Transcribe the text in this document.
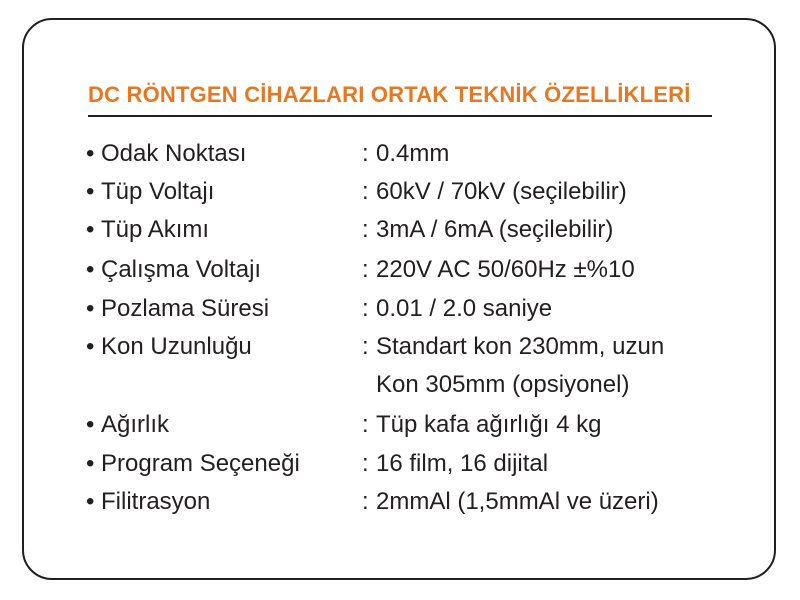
DC RÖNTGEN CİHAZLARI ORTAK TEKNİK ÖZELLİKLERİ
• Odak Noktası	: 0.4mm
• Tüp Voltajı	: 60kV / 70kV (seçilebilir)
• Tüp Akımı	: 3mA / 6mA (seçilebilir)
• Çalışma Voltajı	: 220V AC 50/60Hz ±%10
• Pozlama Süresi	: 0.01 / 2.0 saniye
• Kon Uzunluğu	: Standart kon 230mm, uzun
Kon 305mm (opsiyonel)
• Ağırlık	: Tüp kafa ağırlığı 4 kg
• Program Seçeneği	: 16 film, 16 dijital
• Filitrasyon	: 2mmAl (1,5mmAl ve üzeri)
